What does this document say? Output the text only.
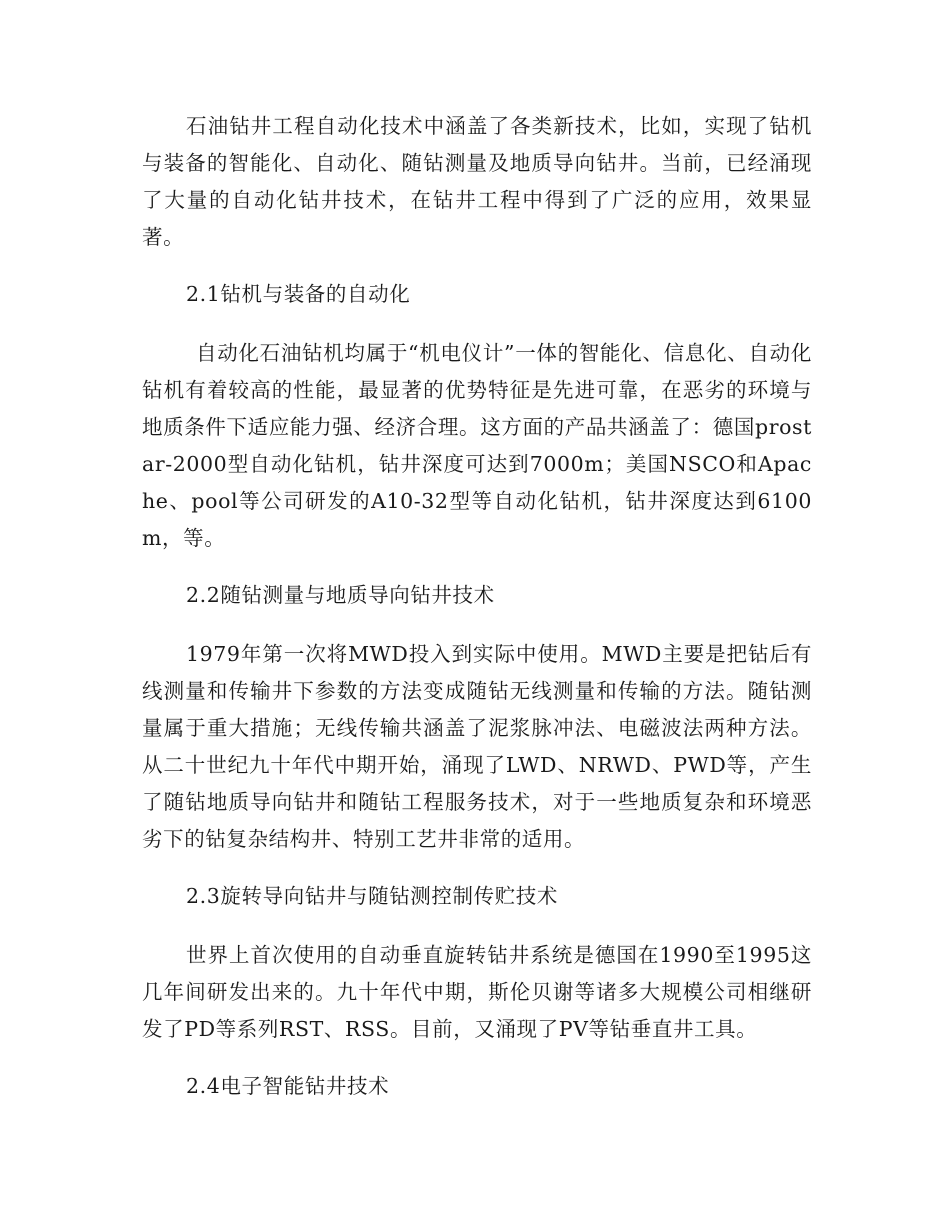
石油钻井工程自动化技术中涵盖了各类新技术，比如，实现了钻机与装备的智能化、自动化、随钻测量及地质导向钻井。当前，已经涌现了大量的自动化钻井技术，在钻井工程中得到了广泛的应用，效果显著。

2.1钻机与装备的自动化

自动化石油钻机均属于“机电仪计”一体的智能化、信息化、自动化钻机有着较高的性能，最显著的优势特征是先进可靠，在恶劣的环境与地质条件下适应能力强、经济合理。这方面的产品共涵盖了：德国prostar-2000型自动化钻机，钻井深度可达到7000m；美国NSCO和Apache、pool等公司研发的A10-32型等自动化钻机，钻井深度达到6100m，等。

2.2随钻测量与地质导向钻井技术

1979年第一次将MWD投入到实际中使用。MWD主要是把钻后有线测量和传输井下参数的方法变成随钻无线测量和传输的方法。随钻测量属于重大措施；无线传输共涵盖了泥浆脉冲法、电磁波法两种方法。从二十世纪九十年代中期开始，涌现了LWD、NRWD、PWD等，产生了随钻地质导向钻井和随钻工程服务技术，对于一些地质复杂和环境恶劣下的钻复杂结构井、特别工艺井非常的适用。

2.3旋转导向钻井与随钻测控制传贮技术

世界上首次使用的自动垂直旋转钻井系统是德国在1990至1995这几年间研发出来的。九十年代中期，斯伦贝谢等诸多大规模公司相继研发了PD等系列RST、RSS。目前，又涌现了PV等钻垂直井工具。

2.4电子智能钻井技术
